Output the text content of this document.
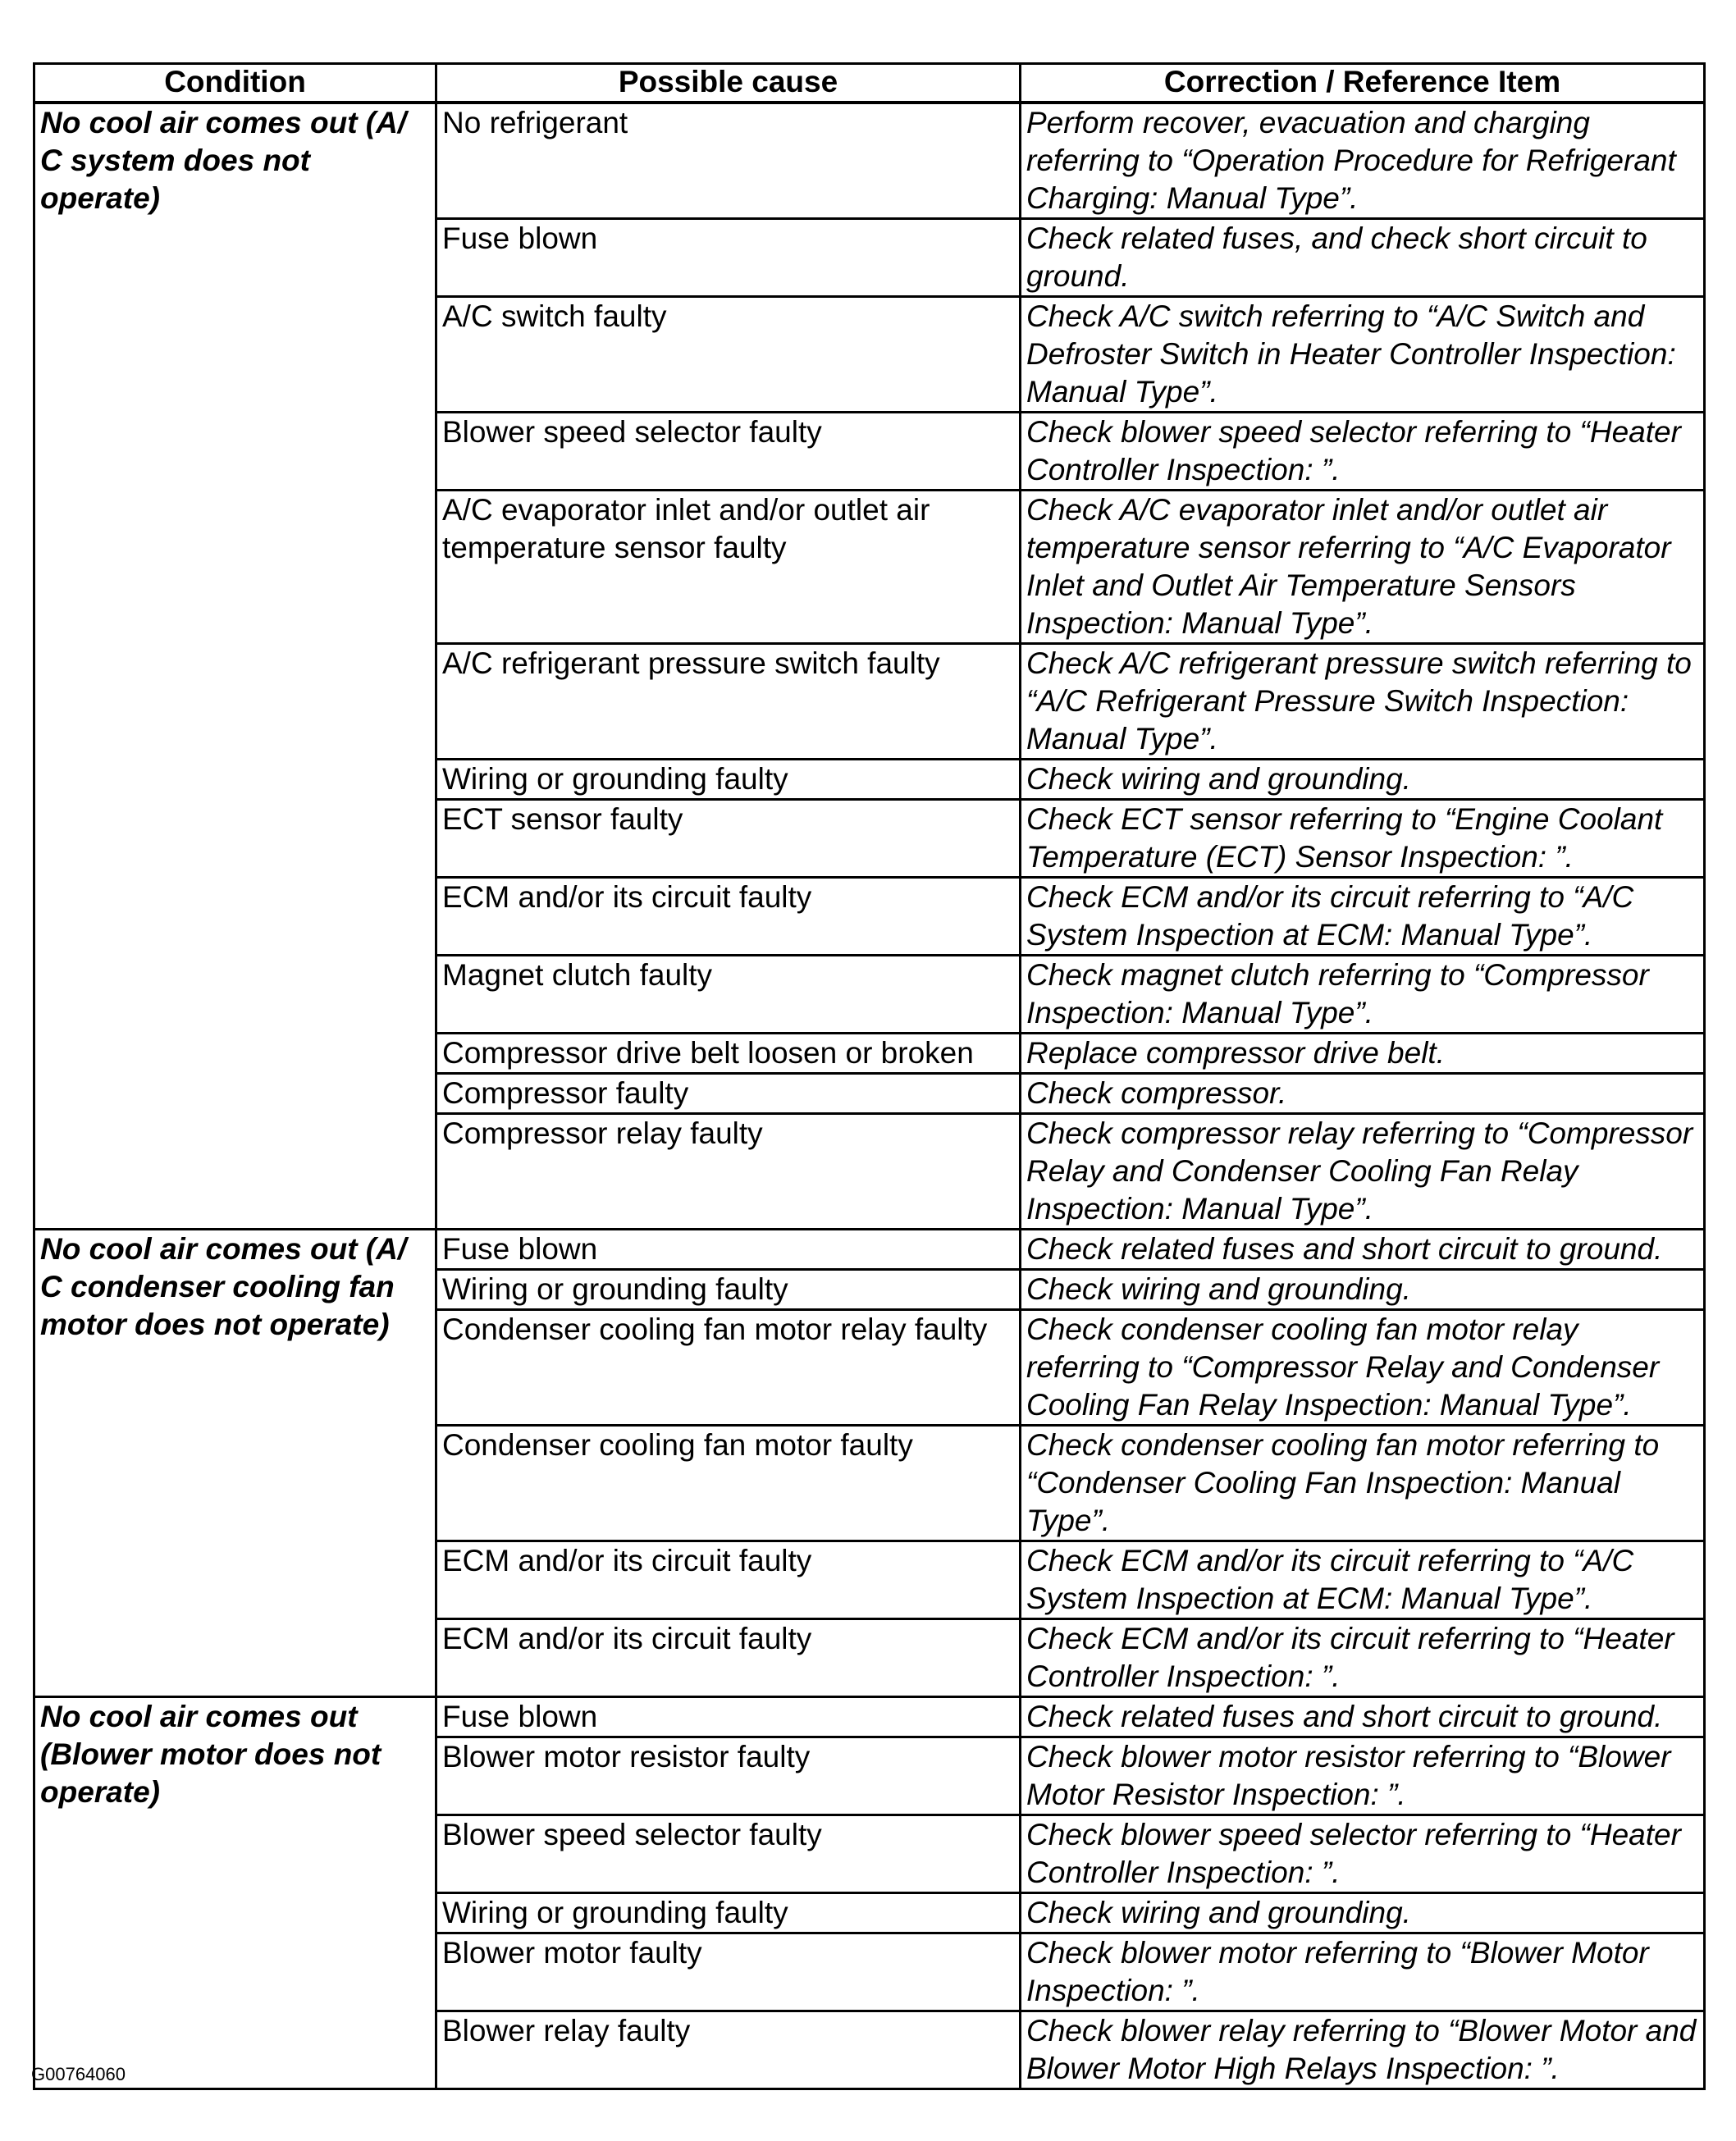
Condition	Possible cause	Correction / Reference Item
No cool air comes out (A/ C system does not operate)	No refrigerant	Perform recover, evacuation and charging referring to “Operation Procedure for Refrigerant Charging: Manual Type”.
	Fuse blown	Check related fuses, and check short circuit to ground.
	A/C switch faulty	Check A/C switch referring to “A/C Switch and Defroster Switch in Heater Controller Inspection: Manual Type”.
	Blower speed selector faulty	Check blower speed selector referring to “Heater Controller Inspection: ”.
	A/C evaporator inlet and/or outlet air temperature sensor faulty	Check A/C evaporator inlet and/or outlet air temperature sensor referring to “A/C Evaporator Inlet and Outlet Air Temperature Sensors Inspection: Manual Type”.
	A/C refrigerant pressure switch faulty	Check A/C refrigerant pressure switch referring to “A/C Refrigerant Pressure Switch Inspection: Manual Type”.
	Wiring or grounding faulty	Check wiring and grounding.
	ECT sensor faulty	Check ECT sensor referring to “Engine Coolant Temperature (ECT) Sensor Inspection: ”.
	ECM and/or its circuit faulty	Check ECM and/or its circuit referring to “A/C System Inspection at ECM: Manual Type”.
	Magnet clutch faulty	Check magnet clutch referring to “Compressor Inspection: Manual Type”.
	Compressor drive belt loosen or broken	Replace compressor drive belt.
	Compressor faulty	Check compressor.
	Compressor relay faulty	Check compressor relay referring to “Compressor Relay and Condenser Cooling Fan Relay Inspection: Manual Type”.
No cool air comes out (A/ C condenser cooling fan motor does not operate)	Fuse blown	Check related fuses and short circuit to ground.
	Wiring or grounding faulty	Check wiring and grounding.
	Condenser cooling fan motor relay faulty	Check condenser cooling fan motor relay referring to “Compressor Relay and Condenser Cooling Fan Relay Inspection: Manual Type”.
	Condenser cooling fan motor faulty	Check condenser cooling fan motor referring to “Condenser Cooling Fan Inspection: Manual Type”.
	ECM and/or its circuit faulty	Check ECM and/or its circuit referring to “A/C System Inspection at ECM: Manual Type”.
	ECM and/or its circuit faulty	Check ECM and/or its circuit referring to “Heater Controller Inspection: ”.
No cool air comes out (Blower motor does not operate)	Fuse blown	Check related fuses and short circuit to ground.
	Blower motor resistor faulty	Check blower motor resistor referring to “Blower Motor Resistor Inspection: ”.
	Blower speed selector faulty	Check blower speed selector referring to “Heater Controller Inspection: ”.
	Wiring or grounding faulty	Check wiring and grounding.
	Blower motor faulty	Check blower motor referring to “Blower Motor Inspection: ”.
	Blower relay faulty	Check blower relay referring to “Blower Motor and Blower Motor High Relays Inspection: ”.
G00764060
